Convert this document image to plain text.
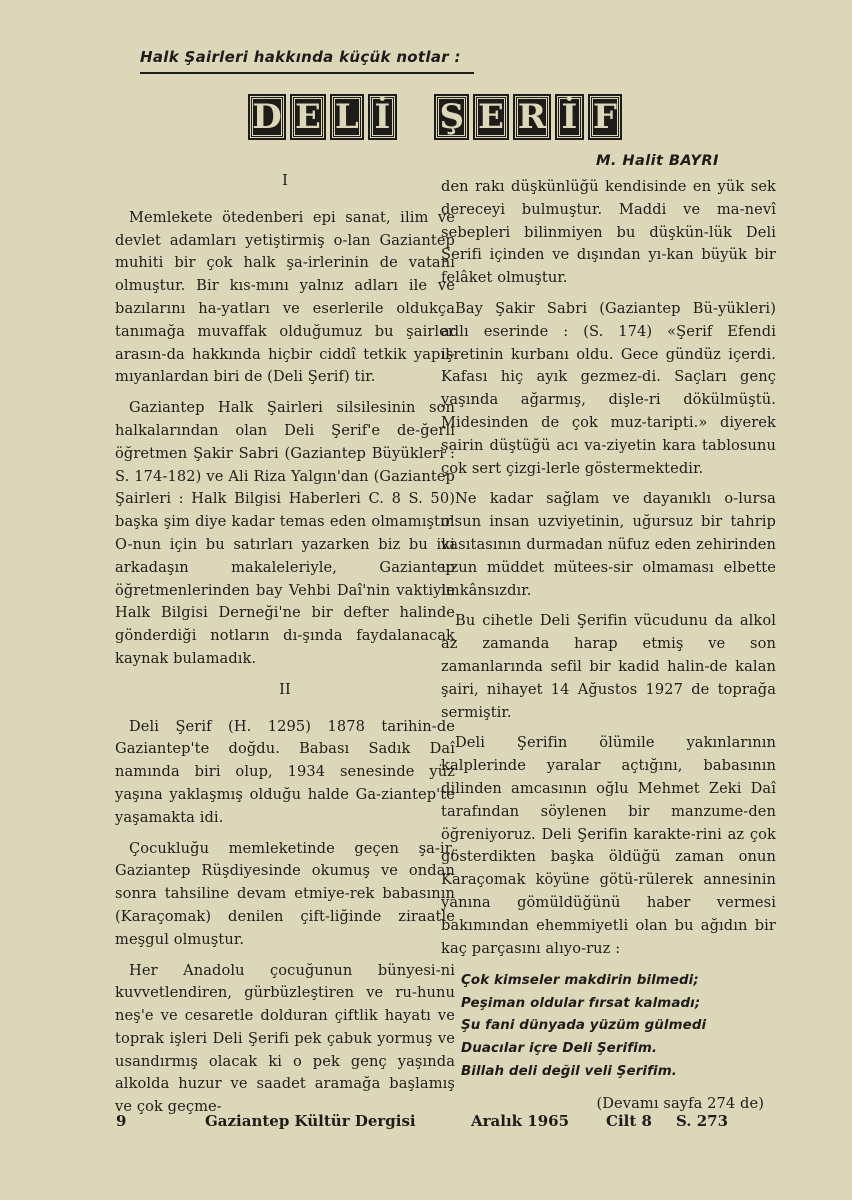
Halk Şairleri hakkında küçük notlar :
D E L İ Ş E R İ F
M. Halit BAYRI

I

Memlekete ötedenberi epi sanat, ilim ve devlet adamları yetiştirmiş o-lan Gaziantep muhiti bir çok halk şa-irlerinin de vatanı olmuştur. Bir kıs-mını yalnız adları ile ve bazılarını ha-yatları ve eserlerile oldukça tanımağa muvaffak olduğumuz bu şairler arasın-da hakkında hiçbir ciddî tetkik yapıl-mıyanlardan biri de (Deli Şerif) tir.

Gaziantep Halk Şairleri silsilesinin son halkalarından olan Deli Şerif'e de-ğerli öğretmen Şakir Sabri (Gaziantep Büyükleri : S. 174-182) ve Ali Riza Yalgın'dan (Gaziantep Şairleri : Halk Bilgisi Haberleri C. 8 S. 50) başka şim diye kadar temas eden olmamıştır. O-nun için bu satırları yazarken biz bu iki arkadaşın makaleleriyle, Gaziantep öğretmenlerinden bay Vehbi Daî'nin vaktiyle Halk Bilgisi Derneği'ne bir defter halinde gönderdiği notların dı-şında faydalanacak kaynak bulamadık.

II

Deli Şerif (H. 1295) 1878 tarihin-de Gaziantep'te doğdu. Babası Sadık Daî namında biri olup, 1934 senesinde yüz yaşına yaklaşmış olduğu halde Ga-ziantep'te yaşamakta idi.

Çocukluğu memleketinde geçen şa-ir, Gaziantep Rüşdiyesinde okumuş ve ondan sonra tahsiline devam etmiye-rek babasının (Karaçomak) denilen çift-liğinde ziraatle meşgul olmuştur.

Her Anadolu çocuğunun bünyesi-ni kuvvetlendiren, gürbüzleştiren ve ru-hunu neş'e ve cesaretle dolduran çiftlik hayatı ve toprak işleri Deli Şerifi pek çabuk yormuş ve usandırmış olacak ki o pek genç yaşında alkolda huzur ve saadet aramağa başlamış ve çok geçme-

den rakı düşkünlüğü kendisinde en yük sek dereceyi bulmuştur. Maddi ve ma-nevî sebepleri bilinmiyen bu düşkün-lük Deli Şerifi içinden ve dışından yı-kan büyük bir felâket olmuştur.

Bay Şakir Sabri (Gaziantep Bü-yükleri) adlı eserinde : (S. 174) «Şerif Efendi işretinin kurbanı oldu. Gece gündüz içerdi. Kafası hiç ayık gezmez-di. Saçları genç yaşında ağarmış, dişle-ri dökülmüştü. Midesinden de çok muz-taripti.» diyerek şairin düştüğü acı va-ziyetin kara tablosunu çok sert çizgi-lerle göstermektedir.

Ne kadar sağlam ve dayanıklı o-lursa olsun insan uzviyetinin, uğursuz bir tahrip vasıtasının durmadan nüfuz eden zehirinden uzun müddet mütees-sir olmaması elbette imkânsızdır.

Bu cihetle Deli Şerifin vücudunu da alkol az zamanda harap etmiş ve son zamanlarında sefil bir kadid halin-de kalan şairi, nihayet 14 Ağustos 1927 de toprağa sermiştir.

Deli Şerifin ölümile yakınlarının kalplerinde yaralar açtığını, babasının dilinden amcasının oğlu Mehmet Zeki Daî tarafından söylenen bir manzume-den öğreniyoruz. Deli Şerifin karakte-rini az çok gösterdikten başka öldüğü zaman onun Karaçomak köyüne götü-rülerek annesinin yanına gömüldüğünü haber vermesi bakımından ehemmiyetli olan bu ağıdın bir kaç parçasını alıyo-ruz :

Çok kimseler makdirin bilmedi;
Peşiman oldular fırsat kalmadı;
Şu fani dünyada yüzüm gülmedi
Duacılar içre Deli Şerifim.
Billah deli değil veli Şerifim.

(Devamı sayfa 274 de)

9	Gaziantep Kültür Dergisi	Aralık 1965 Cilt 8 S. 273
